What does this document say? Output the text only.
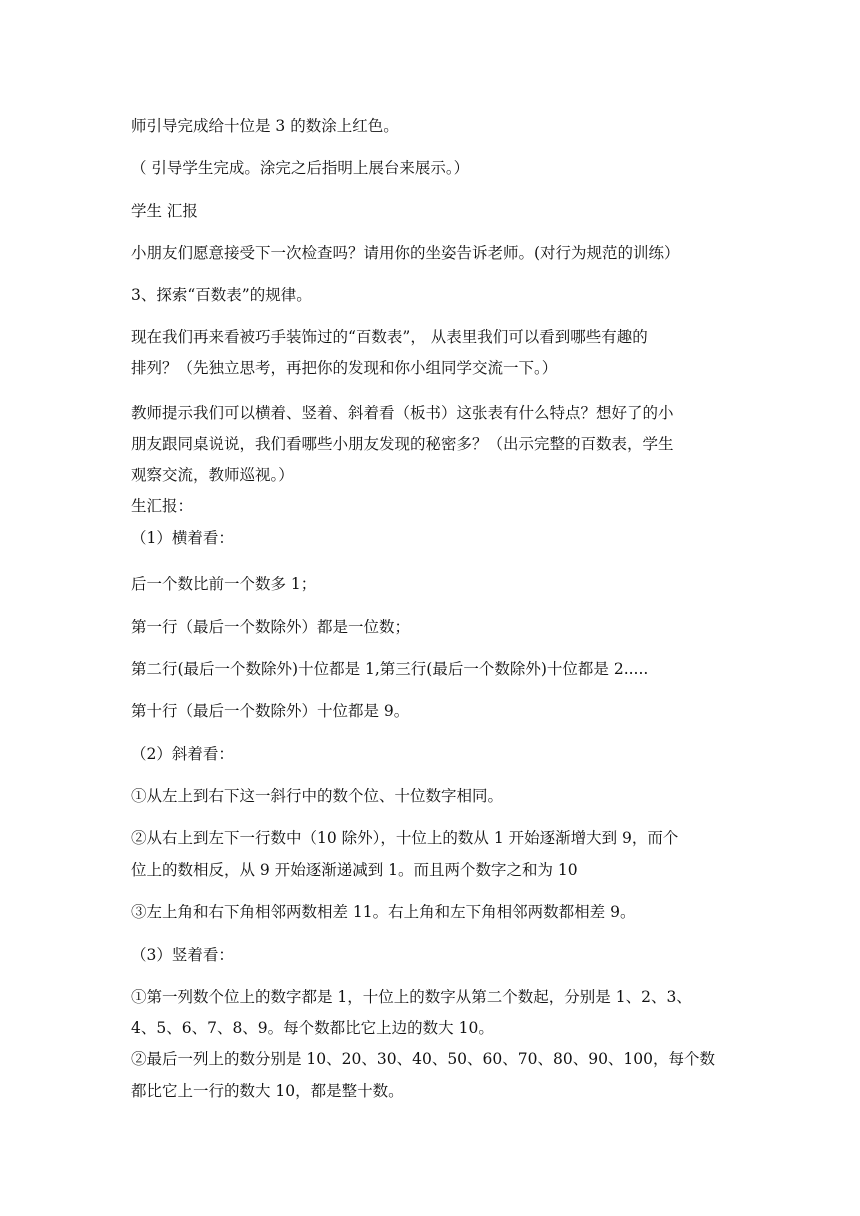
师引导完成给十位是 3 的数涂上红色。
（ 引导学生完成。涂完之后指明上展台来展示。）
学生 汇报
小朋友们愿意接受下一次检查吗？请用你的坐姿告诉老师。(对行为规范的训练）
3、探索“百数表”的规律。
现在我们再来看被巧手装饰过的“百数表”， 从表里我们可以看到哪些有趣的
排列？（先独立思考，再把你的发现和你小组同学交流一下。）
教师提示我们可以横着、竖着、斜着看（板书）这张表有什么特点？想好了的小
朋友跟同桌说说，我们看哪些小朋友发现的秘密多？（出示完整的百数表，学生
观察交流，教师巡视。）
生汇报：
（1）横着看：
后一个数比前一个数多 1；
第一行（最后一个数除外）都是一位数；
第二行(最后一个数除外)十位都是 1,第三行(最后一个数除外)十位都是 2.....
第十行（最后一个数除外）十位都是 9。
（2）斜着看：
①从左上到右下这一斜行中的数个位、十位数字相同。
②从右上到左下一行数中（10 除外），十位上的数从 1 开始逐渐增大到 9，而个
位上的数相反，从 9 开始逐渐递减到 1。而且两个数字之和为 10
③左上角和右下角相邻两数相差 11。右上角和左下角相邻两数都相差 9。
（3）竖着看：
①第一列数个位上的数字都是 1，十位上的数字从第二个数起，分别是 1、2、3、
4、5、6、7、8、9。每个数都比它上边的数大 10。
②最后一列上的数分别是 10、20、30、40、50、60、70、80、90、100，每个数
都比它上一行的数大 10，都是整十数。
